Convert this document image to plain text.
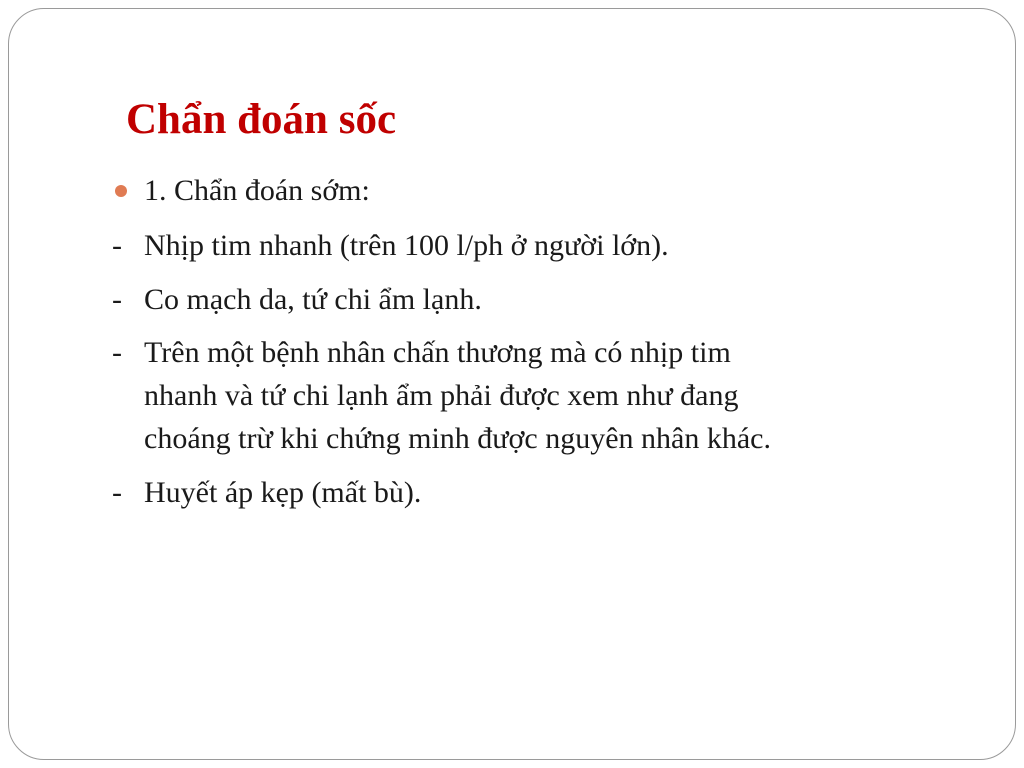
Chẩn đoán sốc
1. Chẩn đoán sớm:
- Nhịp tim nhanh (trên 100 l/ph ở người lớn).
- Co mạch da, tứ chi ẩm lạnh.
- Trên một bệnh nhân chấn thương mà có nhịp tim
nhanh và tứ chi lạnh ẩm phải được xem như đang
choáng trừ khi chứng minh được nguyên nhân khác.
- Huyết áp kẹp (mất bù).
